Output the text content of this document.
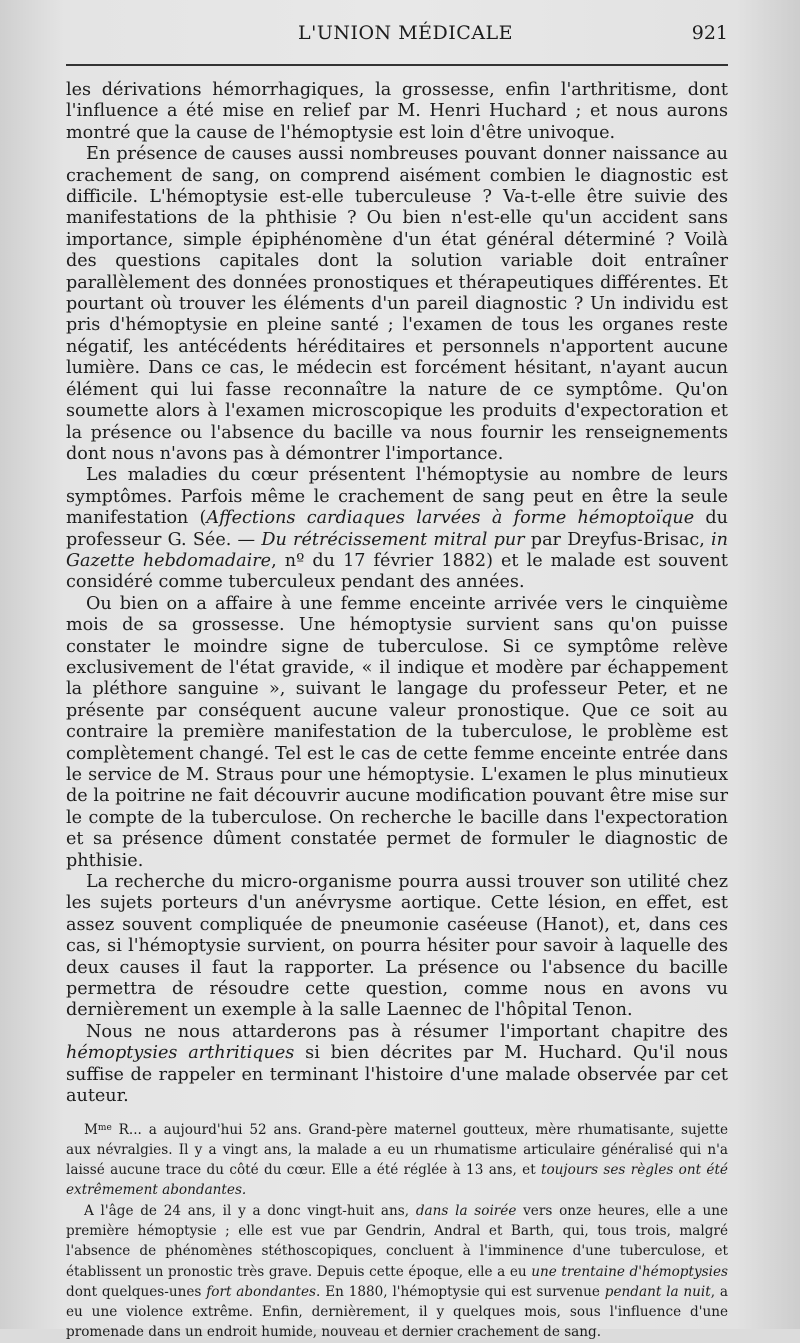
L'UNION MÉDICALE	921

les dérivations hémorrhagiques, la grossesse, enfin l'arthritisme, dont l'influence a été mise en relief par M. Henri Huchard ; et nous aurons montré que la cause de l'hémoptysie est loin d'être univoque.

En présence de causes aussi nombreuses pouvant donner naissance au crachement de sang, on comprend aisément combien le diagnostic est difficile. L'hémoptysie est-elle tuberculeuse ? Va-t-elle être suivie des manifestations de la phthisie ? Ou bien n'est-elle qu'un accident sans importance, simple épiphénomène d'un état général déterminé ? Voilà des questions capitales dont la solution variable doit entraîner parallèlement des données pronostiques et thérapeutiques différentes. Et pourtant où trouver les éléments d'un pareil diagnostic ? Un individu est pris d'hémoptysie en pleine santé ; l'examen de tous les organes reste négatif, les antécédents héréditaires et personnels n'apportent aucune lumière. Dans ce cas, le médecin est forcément hésitant, n'ayant aucun élément qui lui fasse reconnaître la nature de ce symptôme. Qu'on soumette alors à l'examen microscopique les produits d'expectoration et la présence ou l'absence du bacille va nous fournir les renseignements dont nous n'avons pas à démontrer l'importance.

Les maladies du cœur présentent l'hémoptysie au nombre de leurs symptômes. Parfois même le crachement de sang peut en être la seule manifestation (Affections cardiaques larvées à forme hémoptoïque du professeur G. Sée. — Du rétrécissement mitral pur par Dreyfus-Brisac, in Gazette hebdomadaire, nº du 17 février 1882) et le malade est souvent considéré comme tuberculeux pendant des années.

Ou bien on a affaire à une femme enceinte arrivée vers le cinquième mois de sa grossesse. Une hémoptysie survient sans qu'on puisse constater le moindre signe de tuberculose. Si ce symptôme relève exclusivement de l'état gravide, « il indique et modère par échappement la pléthore sanguine », suivant le langage du professeur Peter, et ne présente par conséquent aucune valeur pronostique. Que ce soit au contraire la première manifestation de la tuberculose, le problème est complètement changé. Tel est le cas de cette femme enceinte entrée dans le service de M. Straus pour une hémoptysie. L'examen le plus minutieux de la poitrine ne fait découvrir aucune modification pouvant être mise sur le compte de la tuberculose. On recherche le bacille dans l'expectoration et sa présence dûment constatée permet de formuler le diagnostic de phthisie.

La recherche du micro-organisme pourra aussi trouver son utilité chez les sujets porteurs d'un anévrysme aortique. Cette lésion, en effet, est assez souvent compliquée de pneumonie caséeuse (Hanot), et, dans ces cas, si l'hémoptysie survient, on pourra hésiter pour savoir à laquelle des deux causes il faut la rapporter. La présence ou l'absence du bacille permettra de résoudre cette question, comme nous en avons vu dernièrement un exemple à la salle Laennec de l'hôpital Tenon.

Nous ne nous attarderons pas à résumer l'important chapitre des hémoptysies arthritiques si bien décrites par M. Huchard. Qu'il nous suffise de rappeler en terminant l'histoire d'une malade observée par cet auteur.

$M^{me}$ R... a aujourd'hui 52 ans. Grand-père maternel goutteux, mère rhumatisante, sujette aux névralgies. Il y a vingt ans, la malade a eu un rhumatisme articulaire généralisé qui n'a laissé aucune trace du côté du cœur. Elle a été réglée à 13 ans, et toujours ses règles ont été extrêmement abondantes.

A l'âge de 24 ans, il y a donc vingt-huit ans, dans la soirée vers onze heures, elle a une première hémoptysie ; elle est vue par Gendrin, Andral et Barth, qui, tous trois, malgré l'absence de phénomènes stéthoscopiques, concluent à l'imminence d'une tuberculose, et établissent un pronostic très grave. Depuis cette époque, elle a eu une trentaine d'hémoptysies dont quelques-unes fort abondantes. En 1880, l'hémoptysie qui est survenue pendant la nuit, a eu une violence extrême. Enfin, dernièrement, il y quelques mois, sous l'influence d'une promenade dans un endroit humide, nouveau et dernier crachement de sang.
